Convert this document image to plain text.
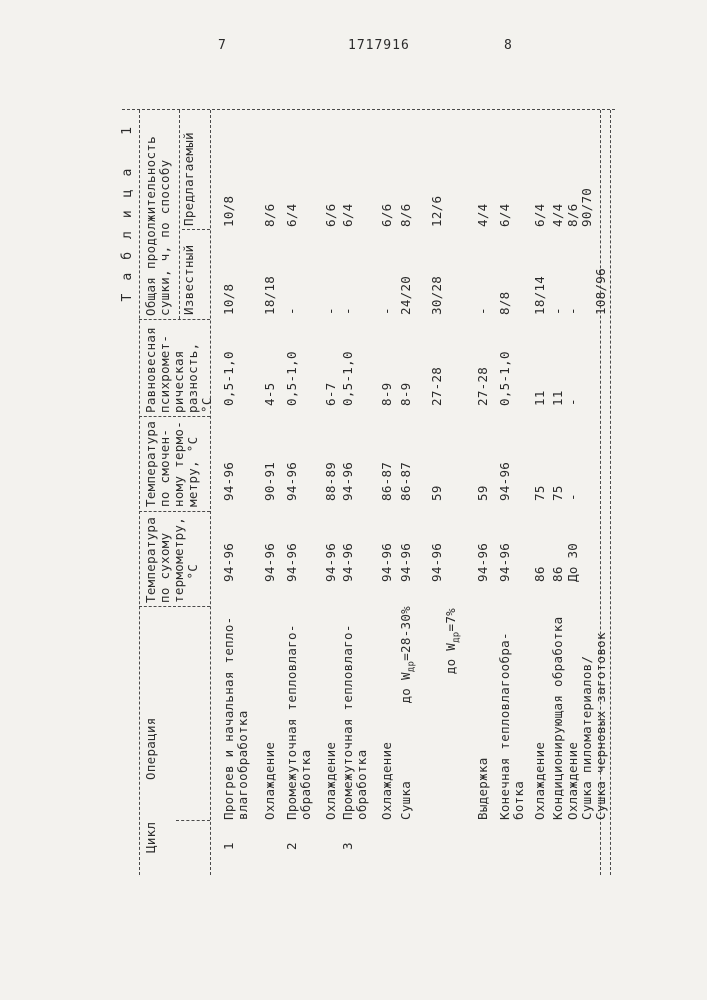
7	1717916	8
Таблица 1
Цикл
Операция
Температура
по сухому
термометру,
°С
Температура
по смочен-
ному термо-
метру, °С
Равновесная
психромет-
рическая
разность, °С
Общая продолжительность
сушки, ч, по способу
Известный
Предлагаемый
1
Прогрев и начальная тепло-
влагообработка
94-96
94-96
0,5-1,0
10/8
10/8
Охлаждение
94-96
90-91
4-5
18/18
8/6
2
Промежуточная тепловлаго-
обработка
94-96
94-96
0,5-1,0
-
6/4
Охлаждение
94-96
88-89
6-7
-
6/6
3
Промежуточная тепловлаго-
обработка
94-96
94-96
0,5-1,0
-
6/4
Охлаждение
94-96
86-87
8-9
-
6/6
Сушка
до $W_{др}=28-30\%$
94-96
86-87
8-9
24/20
8/6

до $W_{др}=7\%$

94-96
59
27-28
30/28
12/6
Выдержка
94-96
59
27-28
-
4/4
Конечная тепловлагообра-
ботка
94-96
94-96
0,5-1,0
8/8
6/4
Охлаждение
86
75
11
18/14
6/4
Кондиционирующая обработка
86
75
11
-
4/4
Охлаждение
До 30
-
-
-
8/6
Сушка пиломатериалов/
Сушка черновых заготовок
108/96
90/70
